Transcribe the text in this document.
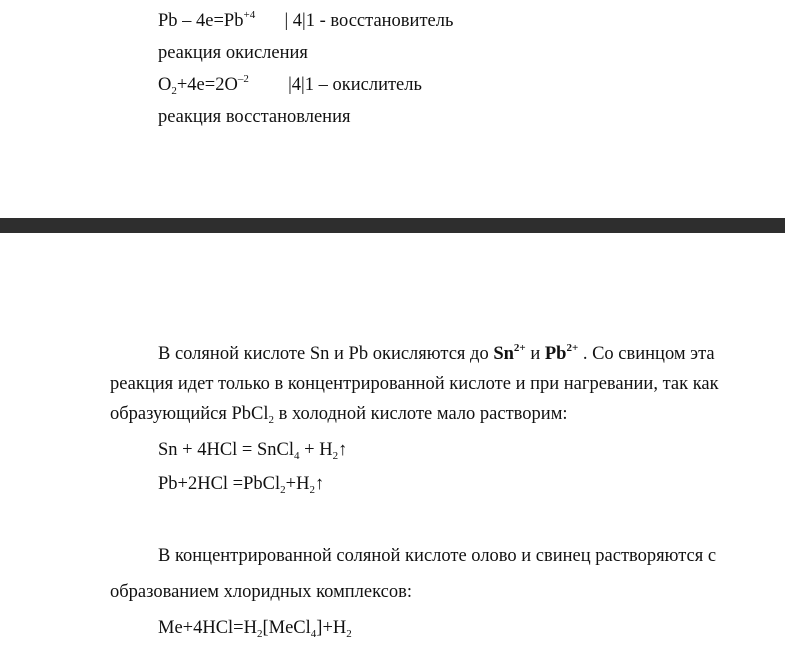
$Pb - 4e=Pb^{+4}$ | 4|1 - восстановитель
реакция окисления
$O_2+4e=2O^{-2}$ |4|1 – окислитель
реакция восстановления
В соляной кислоте Sn и Pb окисляются до $Sn^{2+}$ и $Pb^{2+}$ . Со свинцом эта
реакция идет только в концентрированной кислоте и при нагревании, так как
образующийся PbCl$_2$ в холодной кислоте мало растворим:
Sn + 4HCl = SnCl$_4$ + $H_2↑$
$Pb+2HCl =PbCl_2+H_2↑$
В концентрированной соляной кислоте олово и свинец растворяются с
образованием хлоридных комплексов:
$Me+4HCl=H_2[MeCl_4]+H_2$
